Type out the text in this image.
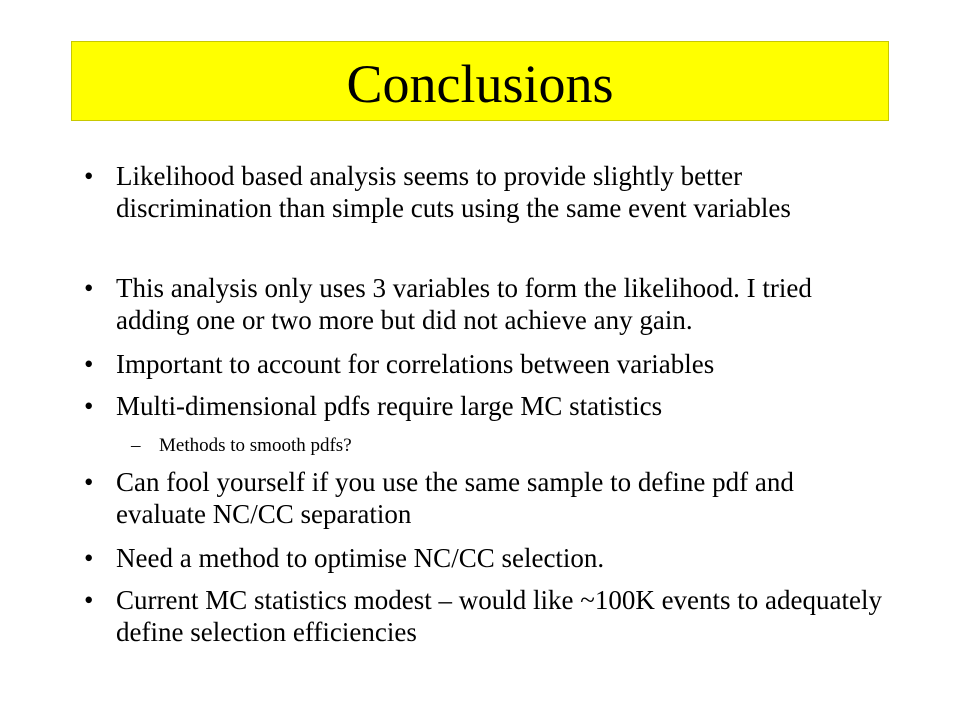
Conclusions
• Likelihood based analysis seems to provide slightly better discrimination than simple cuts using the same event variables
• This analysis only uses 3 variables to form the likelihood. I tried adding one or two more but did not achieve any gain.
• Important to account for correlations between variables
• Multi-dimensional pdfs require large MC statistics
– Methods to smooth pdfs?
• Can fool yourself if you use the same sample to define pdf and evaluate NC/CC separation
• Need a method to optimise NC/CC selection.
• Current MC statistics modest – would like ~100K events to adequately define selection efficiencies
